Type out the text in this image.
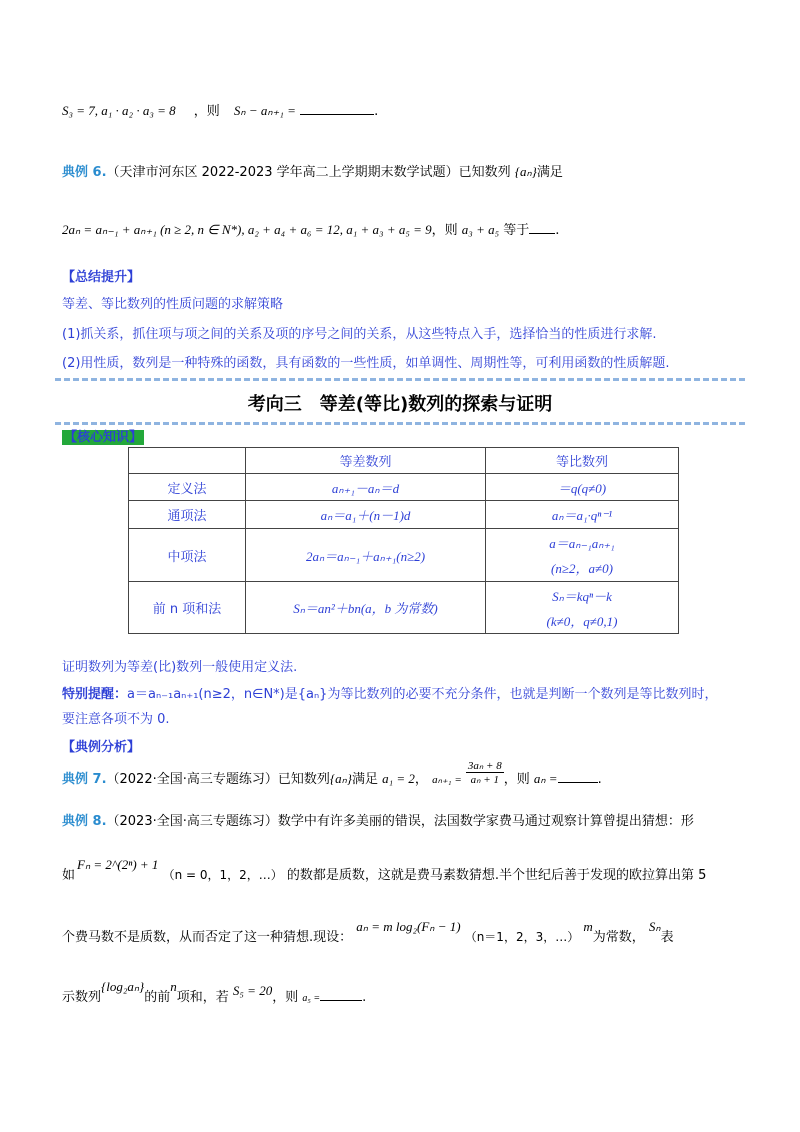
S₃ = 7, a₁ · a₂ · a₃ = 8 ，则 Sₙ − aₙ₊₁ =	.
典例 6.（天津市河东区 2022-2023 学年高二上学期期末数学试题）已知数列 {aₙ}满足
2aₙ = aₙ₋₁ + aₙ₊₁ (n ≥ 2, n ∈ N*), a₂ + a₄ + a₆ = 12, a₁ + a₃ + a₅ = 9，则 a₃ + a₅ 等于 .
【总结提升】
等差、等比数列的性质问题的求解策略
(1)抓关系，抓住项与项之间的关系及项的序号之间的关系，从这些特点入手，选择恰当的性质进行求解.
(2)用性质，数列是一种特殊的函数，具有函数的一些性质，如单调性、周期性等，可利用函数的性质解题.
考向三　等差(等比)数列的探索与证明
【核心知识】
	等差数列	等比数列
定义法	aₙ₊₁－aₙ＝d	＝q(q≠0)
通项法	aₙ＝a₁＋(n－1)d	aₙ＝a₁·qⁿ⁻¹
中项法	2aₙ＝aₙ₋₁＋aₙ₊₁(n≥2)	a＝aₙ₋₁aₙ₊₁
(n≥2，a≠0)

前 n 项和法	Sₙ＝an²＋bn(a，b 为常数)	Sₙ＝kqⁿ－k
(k≠0，q≠0,1)
证明数列为等差(比)数列一般使用定义法.
特别提醒：a＝aₙ₋₁aₙ₊₁(n≥2，n∈N*)是{aₙ}为等比数列的必要不充分条件，也就是判断一个数列是等比数列时，
要注意各项不为 0.
【典例分析】
典例 7.（2022·全国·高三专题练习）已知数列{aₙ}满足 a₁ = 2， $a_{n+1} = \frac{\text{3aₙ + 8}}{\text{aₙ + 1}}$ ，则 aₙ =	.
典例 8.（2023·全国·高三专题练习）数学中有许多美丽的错误，法国数学家费马通过观察计算曾提出猜想：形
如Fₙ = 2^(2ⁿ) + 1 （n = 0，1，2，…） 的数都是质数，这就是费马素数猜想.半个世纪后善于发现的欧拉算出第 5
个费马数不是质数，从而否定了这一种猜想.现设： aₙ = m log₂(Fₙ − 1) （n＝1，2，3，…） m为常数， Sₙ表
示数列{log₂aₙ}的前n项和，若 S₅ = 20，则 a₅ =	.
